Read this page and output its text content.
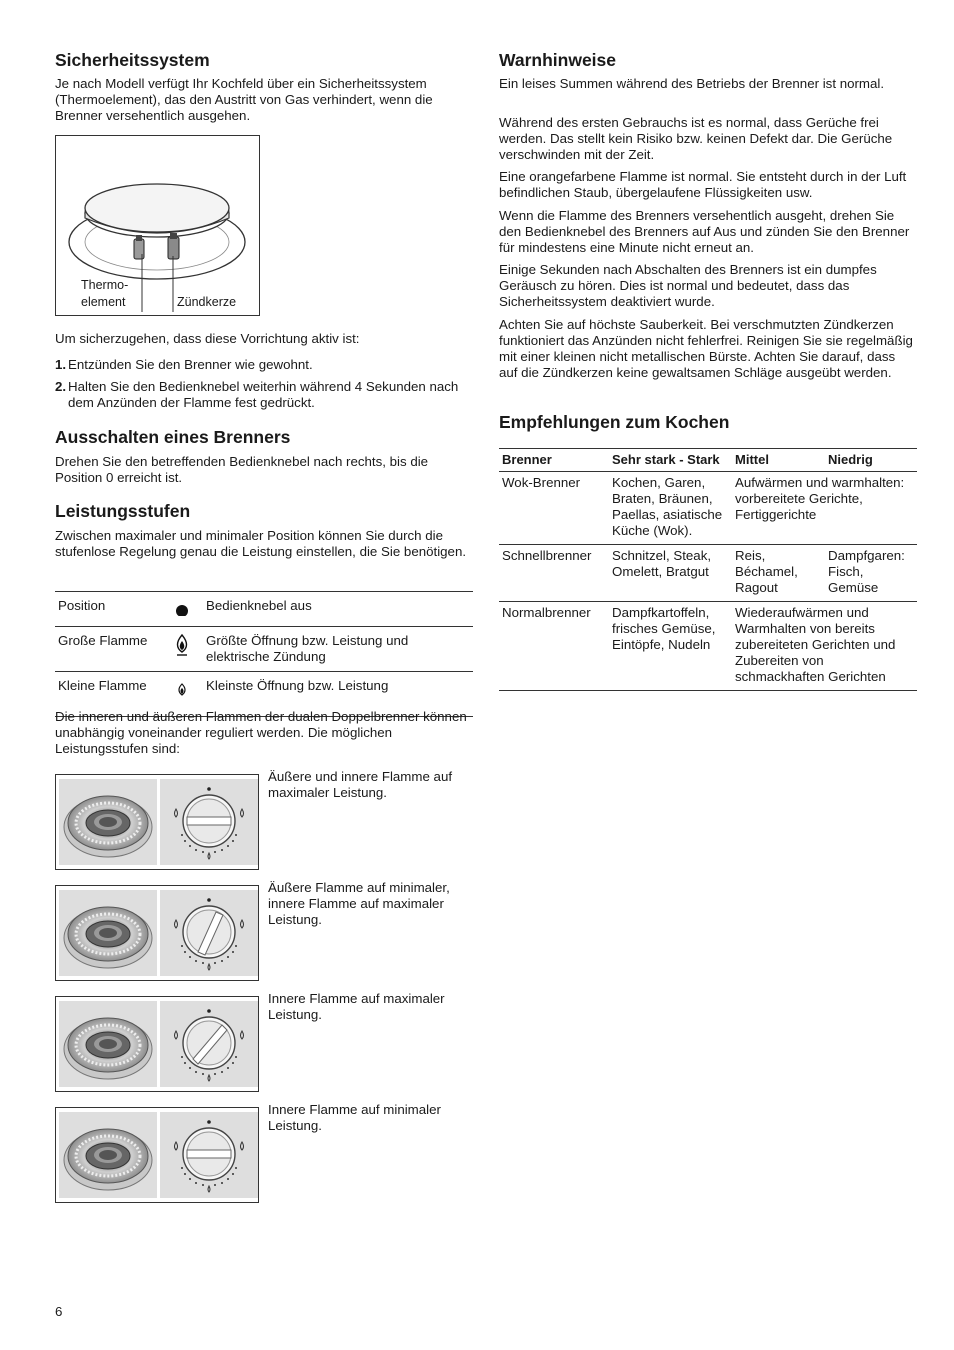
Sicherheitssystem
Je nach Modell verfügt Ihr Kochfeld über ein Sicherheitssystem (Thermoelement), das den Austritt von Gas verhindert, wenn die Brenner versehentlich ausgehen.
Thermo-
element	Zündkerze
Um sicherzugehen, dass diese Vorrichtung aktiv ist:
1. Entzünden Sie den Brenner wie gewohnt.
2. Halten Sie den Bedienknebel weiterhin während 4 Sekunden nach dem Anzünden der Flamme fest gedrückt.
Ausschalten eines Brenners
Drehen Sie den betreffenden Bedienknebel nach rechts, bis die Position 0 erreicht ist.
Leistungsstufen
Zwischen maximaler und minimaler Position können Sie durch die stufenlose Regelung genau die Leistung einstellen, die Sie benötigen.
Position		Bedienknebel aus
Große Flamme		Größte Öffnung bzw. Leistung und elektrische Zündung
Kleine Flamme		Kleinste Öffnung bzw. Leistung
Die inneren und äußeren Flammen der dualen Doppelbrenner können unabhängig voneinander reguliert werden. Die möglichen Leistungsstufen sind:
Äußere und innere Flamme auf maximaler Leistung.
Äußere Flamme auf minimaler, innere Flamme auf maximaler Leistung.
Innere Flamme auf maximaler Leistung.
Innere Flamme auf minimaler Leistung.
Warnhinweise
Ein leises Summen während des Betriebs der Brenner ist normal.
Während des ersten Gebrauchs ist es normal, dass Gerüche frei werden. Das stellt kein Risiko bzw. keinen Defekt dar. Die Gerüche verschwinden mit der Zeit.
Eine orangefarbene Flamme ist normal. Sie entsteht durch in der Luft befindlichen Staub, übergelaufene Flüssigkeiten usw.
Wenn die Flamme des Brenners versehentlich ausgeht, drehen Sie den Bedienknebel des Brenners auf Aus und zünden Sie den Brenner für mindestens eine Minute nicht erneut an.
Einige Sekunden nach Abschalten des Brenners ist ein dumpfes Geräusch zu hören. Dies ist normal und bedeutet, dass das Sicherheitssystem deaktiviert wurde.
Achten Sie auf höchste Sauberkeit. Bei verschmutzten Zündkerzen funktioniert das Anzünden nicht fehlerfrei. Reinigen Sie sie regelmäßig mit einer kleinen nicht metallischen Bürste. Achten Sie darauf, dass auf die Zündkerzen keine gewaltsamen Schläge ausgeübt werden.
Empfehlungen zum Kochen
Brenner	Sehr stark - Stark	Mittel	Niedrig
Wok-Brenner	Kochen, Garen, Braten, Bräunen, Paellas, asiatische Küche (Wok).	Aufwärmen und warmhalten: vorbereitete Gerichte, Fertiggerichte	
Schnellbrenner	Schnitzel, Steak, Omelett, Bratgut	Reis, Béchamel, Ragout	Dampfgaren: Fisch, Gemüse
Normalbrenner	Dampfkartoffeln, frisches Gemüse, Eintöpfe, Nudeln	Wiederaufwärmen und Warmhalten von bereits zubereiteten Gerichten und Zubereiten von schmackhaften Gerichten	
6
